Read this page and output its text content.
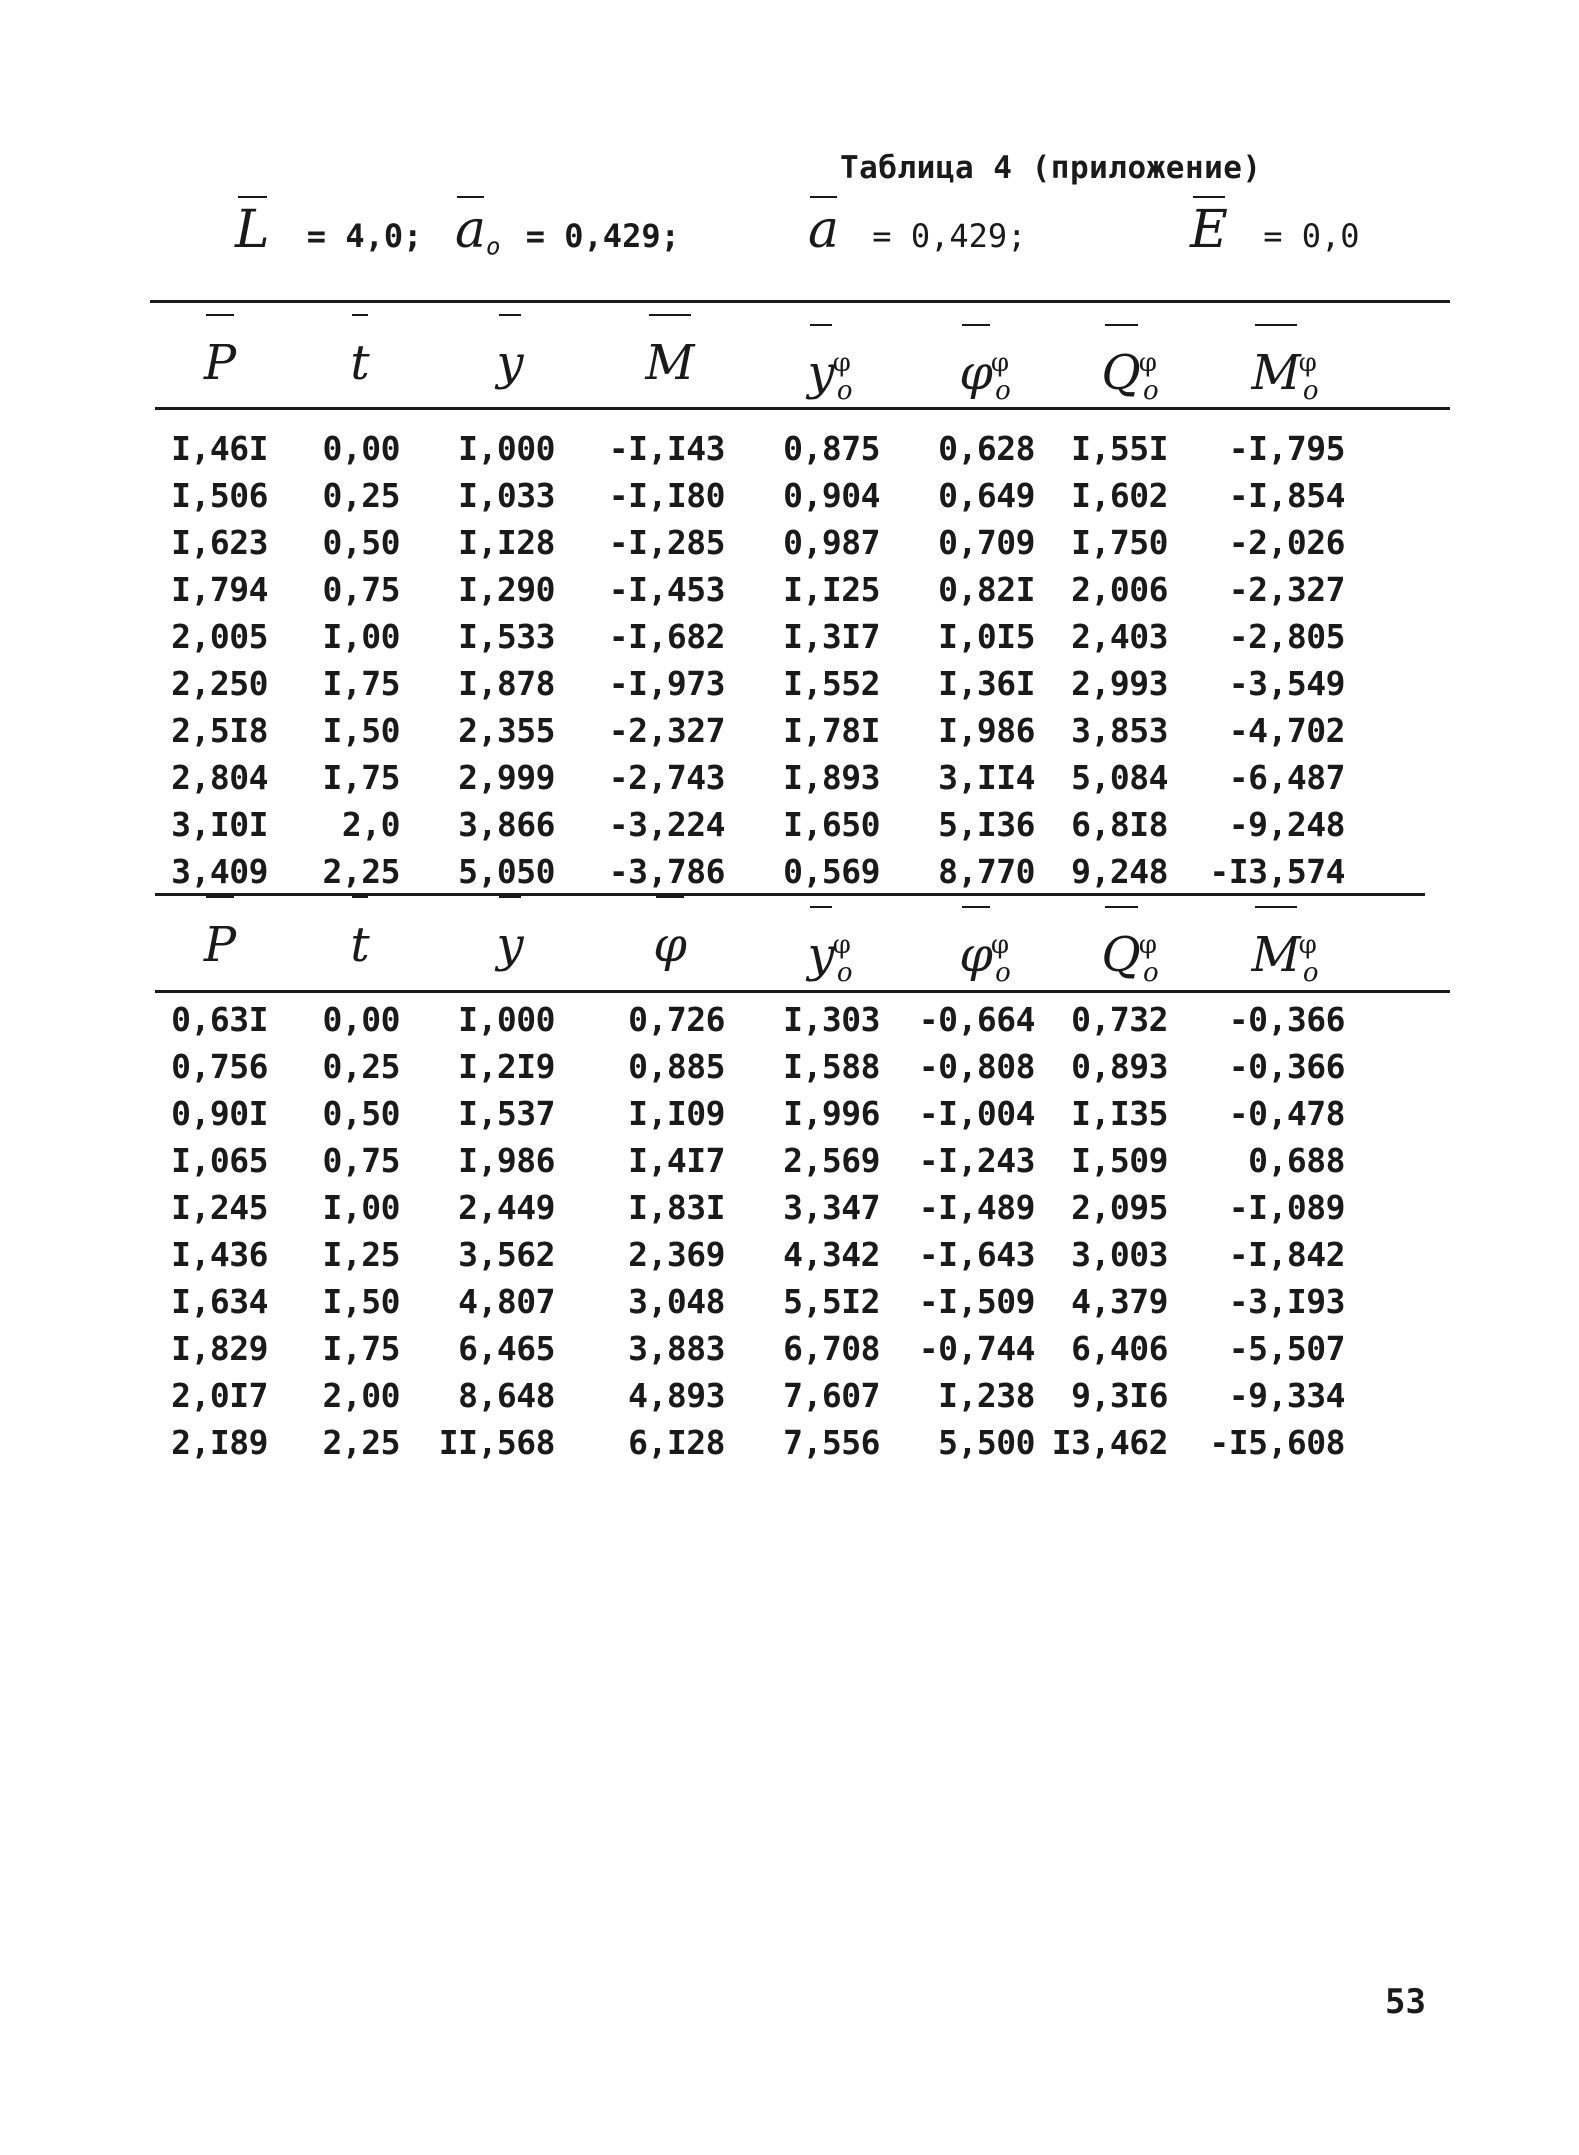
Таблица 4 (приложение)
L = 4,0; $a_o = 0,429$; a = 0,429;	E = 0,0
P	t	y	M	$y^\varphi_o$	$\varphi^\varphi_o$	$Q^\varphi_o$	$M^\varphi_o$
I,46I	0,00	I,000	-I,I43	0,875	0,628	I,55I	-I,795
I,506	0,25	I,033	-I,I80	0,904	0,649	I,602	-I,854
I,623	0,50	I,I28	-I,285	0,987	0,709	I,750	-2,026
I,794	0,75	I,290	-I,453	I,I25	0,82I	2,006	-2,327
2,005	I,00	I,533	-I,682	I,3I7	I,0I5	2,403	-2,805
2,250	I,75	I,878	-I,973	I,552	I,36I	2,993	-3,549
2,5I8	I,50	2,355	-2,327	I,78I	I,986	3,853	-4,702
2,804	I,75	2,999	-2,743	I,893	3,II4	5,084	-6,487
3,I0I	2,0	3,866	-3,224	I,650	5,I36	6,8I8	-9,248
3,409	2,25	5,050	-3,786	0,569	8,770	9,248	-I3,574
P	t	y	φ	$y^\varphi_o$	$\varphi^\varphi_o$	$Q^\varphi_o$	$M^\varphi_o$
0,63I	0,00	I,000	0,726	I,303	-0,664	0,732	-0,366
0,756	0,25	I,2I9	0,885	I,588	-0,808	0,893	-0,366
0,90I	0,50	I,537	I,I09	I,996	-I,004	I,I35	-0,478
I,065	0,75	I,986	I,4I7	2,569	-I,243	I,509	0,688
I,245	I,00	2,449	I,83I	3,347	-I,489	2,095	-I,089
I,436	I,25	3,562	2,369	4,342	-I,643	3,003	-I,842
I,634	I,50	4,807	3,048	5,5I2	-I,509	4,379	-3,I93
I,829	I,75	6,465	3,883	6,708	-0,744	6,406	-5,507
2,0I7	2,00	8,648	4,893	7,607	I,238	9,3I6	-9,334
2,I89	2,25	II,568	6,I28	7,556	5,500 I3,462	-I5,608
53
